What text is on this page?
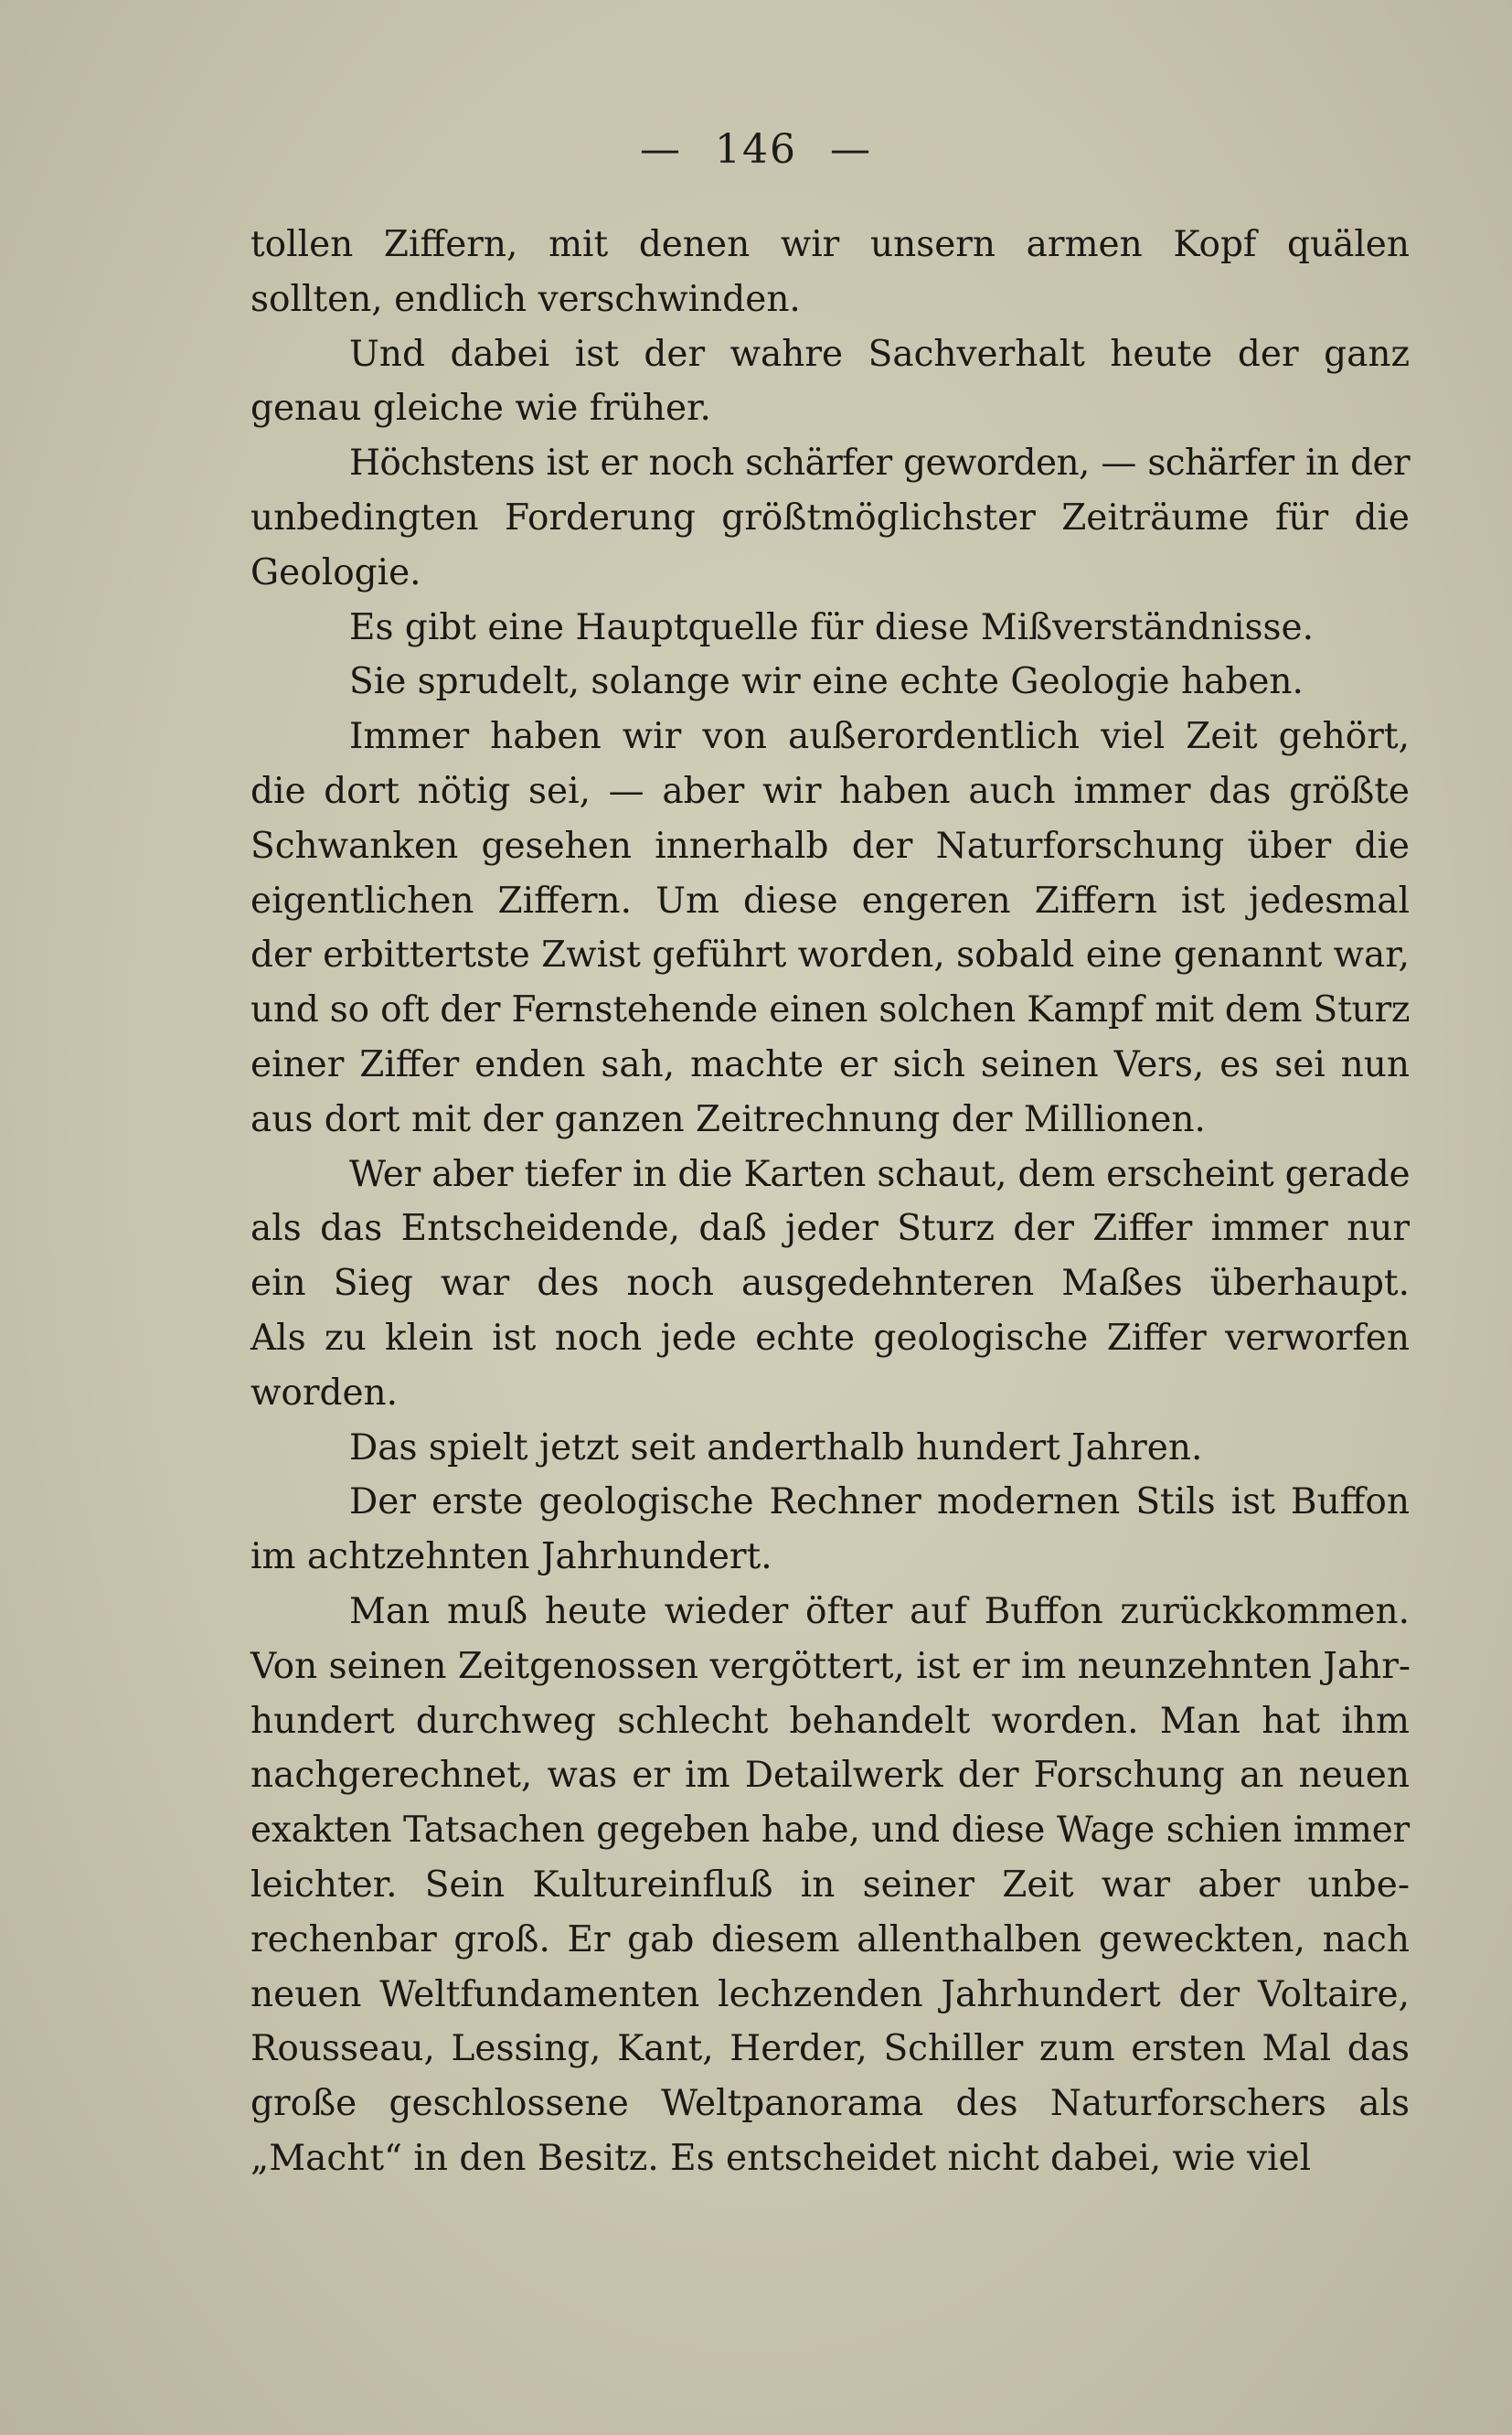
— 146 —
tollen Ziffern, mit denen wir unsern armen Kopf quälen
sollten, endlich verschwinden.
Und dabei ist der wahre Sachverhalt heute der ganz
genau gleiche wie früher.
Höchstens ist er noch schärfer geworden, — schärfer in der
unbedingten Forderung größtmöglichster Zeiträume für die
Geologie.
Es gibt eine Hauptquelle für diese Mißverständnisse.
Sie sprudelt, solange wir eine echte Geologie haben.
Immer haben wir von außerordentlich viel Zeit gehört,
die dort nötig sei, — aber wir haben auch immer das größte
Schwanken gesehen innerhalb der Naturforschung über die
eigentlichen Ziffern. Um diese engeren Ziffern ist jedesmal
der erbittertste Zwist geführt worden, sobald eine genannt war,
und so oft der Fernstehende einen solchen Kampf mit dem Sturz
einer Ziffer enden sah, machte er sich seinen Vers, es sei nun
aus dort mit der ganzen Zeitrechnung der Millionen.
Wer aber tiefer in die Karten schaut, dem erscheint gerade
als das Entscheidende, daß jeder Sturz der Ziffer immer nur
ein Sieg war des noch ausgedehnteren Maßes überhaupt.
Als zu klein ist noch jede echte geologische Ziffer verworfen
worden.
Das spielt jetzt seit anderthalb hundert Jahren.
Der erste geologische Rechner modernen Stils ist Buffon
im achtzehnten Jahrhundert.
Man muß heute wieder öfter auf Buffon zurückkommen.
Von seinen Zeitgenossen vergöttert, ist er im neunzehnten Jahr-
hundert durchweg schlecht behandelt worden. Man hat ihm
nachgerechnet, was er im Detailwerk der Forschung an neuen
exakten Tatsachen gegeben habe, und diese Wage schien immer
leichter. Sein Kultureinfluß in seiner Zeit war aber unbe-
rechenbar groß. Er gab diesem allenthalben geweckten, nach
neuen Weltfundamenten lechzenden Jahrhundert der Voltaire,
Rousseau, Lessing, Kant, Herder, Schiller zum ersten Mal das
große geschlossene Weltpanorama des Naturforschers als
„Macht“ in den Besitz. Es entscheidet nicht dabei, wie viel
